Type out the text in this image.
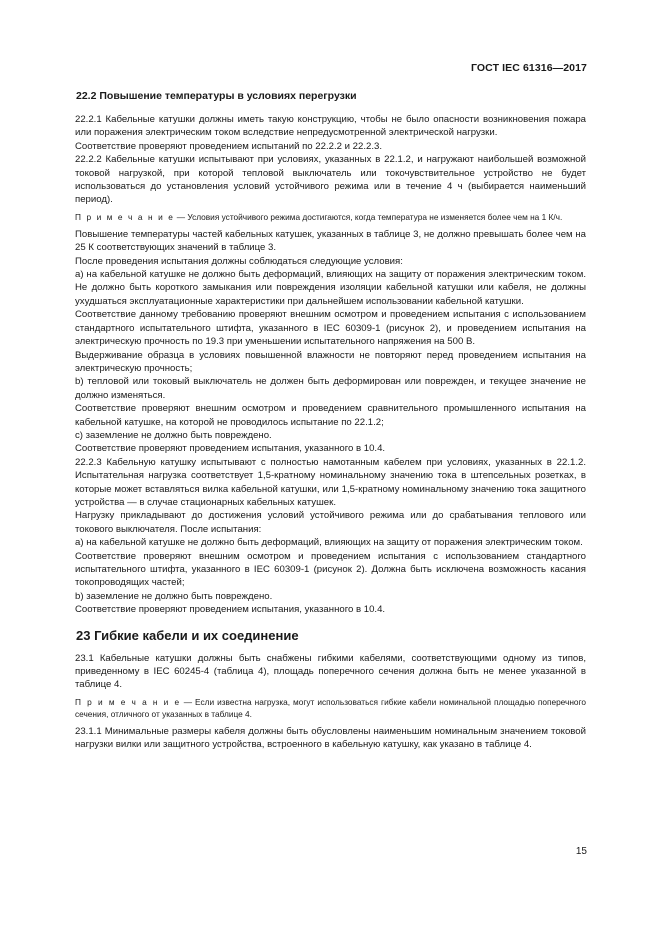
ГОСТ IEC 61316—2017
22.2 Повышение температуры в условиях перегрузки

22.2.1 Кабельные катушки должны иметь такую конструкцию, чтобы не было опасности возникновения пожара или поражения электрическим током вследствие непредусмотренной электрической нагрузки.

Соответствие проверяют проведением испытаний по 22.2.2 и 22.2.3.

22.2.2 Кабельные катушки испытывают при условиях, указанных в 22.1.2, и нагружают наибольшей возможной токовой нагрузкой, при которой тепловой выключатель или токочувствительное устройство не будет использоваться до установления условий устойчивого режима или в течение 4 ч (выбирается наименьший период).

П р и м е ч а н и е — Условия устойчивого режима достигаются, когда температура не изменяется более чем на 1 К/ч.

Повышение температуры частей кабельных катушек, указанных в таблице 3, не должно превышать более чем на 25 К соответствующих значений в таблице 3.

После проведения испытания должны соблюдаться следующие условия:

а) на кабельной катушке не должно быть деформаций, влияющих на защиту от поражения электрическим током. Не должно быть короткого замыкания или повреждения изоляции кабельной катушки или кабеля, не должны ухудшаться эксплуатационные характеристики при дальнейшем использовании кабельной катушки.

Соответствие данному требованию проверяют внешним осмотром и проведением испытания с использованием стандартного испытательного штифта, указанного в IEC 60309-1 (рисунок 2), и проведением испытания на электрическую прочность по 19.3 при уменьшении испытательного напряжения на 500 В.

Выдерживание образца в условиях повышенной влажности не повторяют перед проведением испытания на электрическую прочность;

b) тепловой или токовый выключатель не должен быть деформирован или поврежден, и текущее значение не должно изменяться.

Соответствие проверяют внешним осмотром и проведением сравнительного промышленного испытания на кабельной катушке, на которой не проводилось испытание по 22.1.2;

c) заземление не должно быть повреждено.

Соответствие проверяют проведением испытания, указанного в 10.4.

22.2.3 Кабельную катушку испытывают с полностью намотанным кабелем при условиях, указанных в 22.1.2. Испытательная нагрузка соответствует 1,5-кратному номинальному значению тока в штепсельных розетках, в которые может вставляться вилка кабельной катушки, или 1,5-кратному номинальному значению тока защитного устройства — в случае стационарных кабельных катушек.

Нагрузку прикладывают до достижения условий устойчивого режима или до срабатывания теплового или токового выключателя. После испытания:

а) на кабельной катушке не должно быть деформаций, влияющих на защиту от поражения электрическим током.

Соответствие проверяют внешним осмотром и проведением испытания с использованием стандартного испытательного штифта, указанного в IEC 60309-1 (рисунок 2). Должна быть исключена возможность касания токопроводящих частей;

b) заземление не должно быть повреждено.

Соответствие проверяют проведением испытания, указанного в 10.4.

23 Гибкие кабели и их соединение

23.1 Кабельные катушки должны быть снабжены гибкими кабелями, соответствующими одному из типов, приведенному в IEC 60245-4 (таблица 4), площадь поперечного сечения должна быть не менее указанной в таблице 4.

П р и м е ч а н и е — Если известна нагрузка, могут использоваться гибкие кабели номинальной площадью поперечного сечения, отличного от указанных в таблице 4.

23.1.1 Минимальные размеры кабеля должны быть обусловлены наименьшим номинальным значением токовой нагрузки вилки или защитного устройства, встроенного в кабельную катушку, как указано в таблице 4.

15
